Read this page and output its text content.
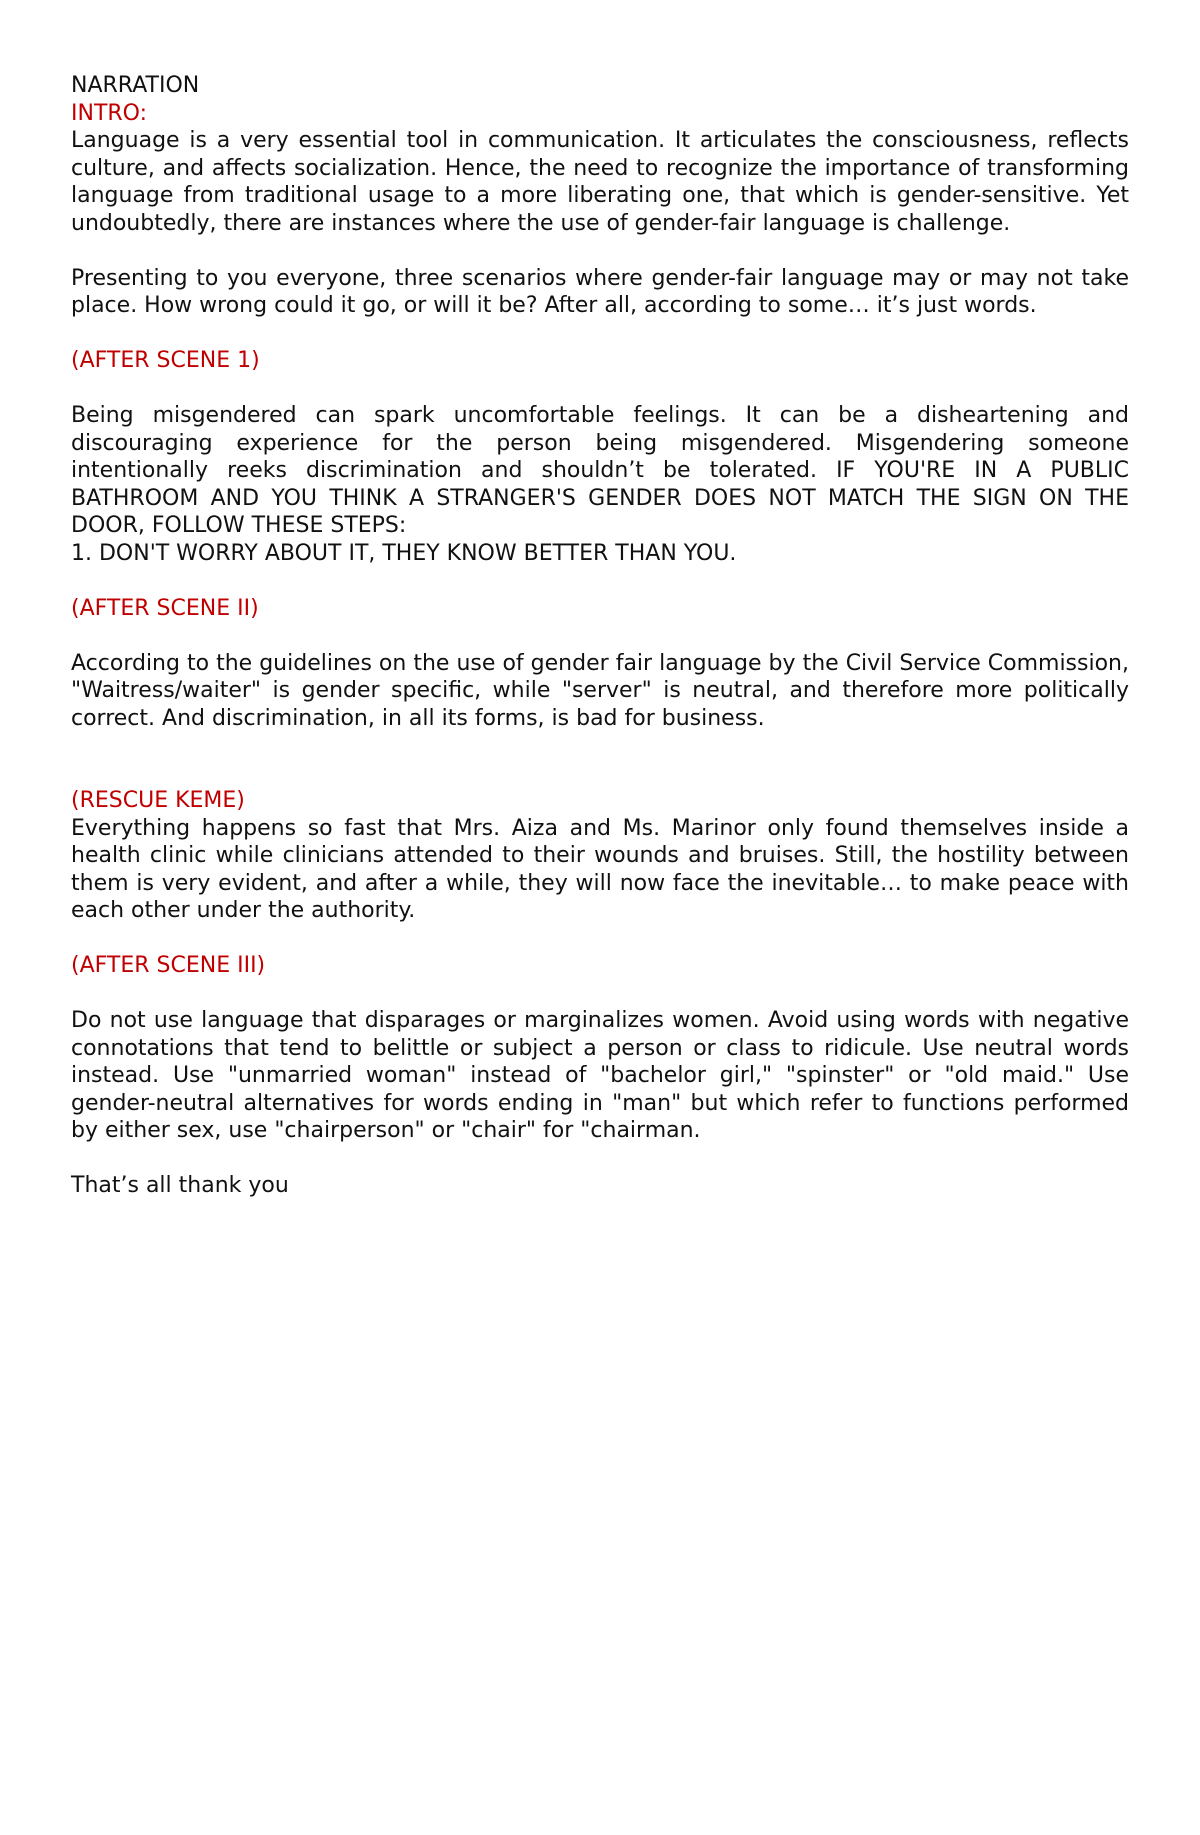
NARRATION

INTRO:

Language is a very essential tool in communication. It articulates the consciousness, reflects culture, and affects socialization. Hence, the need to recognize the importance of transforming language from traditional usage to a more liberating one, that which is gender-sensitive. Yet undoubtedly, there are instances where the use of gender-fair language is challenge.

Presenting to you everyone, three scenarios where gender-fair language may or may not take place. How wrong could it go, or will it be? After all, according to some… it’s just words.

(AFTER SCENE 1)

Being misgendered can spark uncomfortable feelings. It can be a disheartening and discouraging experience for the person being misgendered. Misgendering someone intentionally reeks discrimination and shouldn’t be tolerated. IF YOU'RE IN A PUBLIC BATHROOM AND YOU THINK A STRANGER'S GENDER DOES NOT MATCH THE SIGN ON THE DOOR, FOLLOW THESE STEPS:

1. DON'T WORRY ABOUT IT, THEY KNOW BETTER THAN YOU.

(AFTER SCENE II)

According to the guidelines on the use of gender fair language by the Civil Service Commission, "Waitress/waiter" is gender specific, while "server" is neutral, and therefore more politically correct. And discrimination, in all its forms, is bad for business.

(RESCUE KEME)

Everything happens so fast that Mrs. Aiza and Ms. Marinor only found themselves inside a health clinic while clinicians attended to their wounds and bruises. Still, the hostility between them is very evident, and after a while, they will now face the inevitable… to make peace with each other under the authority.

(AFTER SCENE III)

Do not use language that disparages or marginalizes women. Avoid using words with negative connotations that tend to belittle or subject a person or class to ridicule. Use neutral words instead. Use "unmarried woman" instead of "bachelor girl," "spinster" or "old maid." Use gender-neutral alternatives for words ending in "man" but which refer to functions performed by either sex, use "chairperson" or "chair" for "chairman.

That’s all thank you
